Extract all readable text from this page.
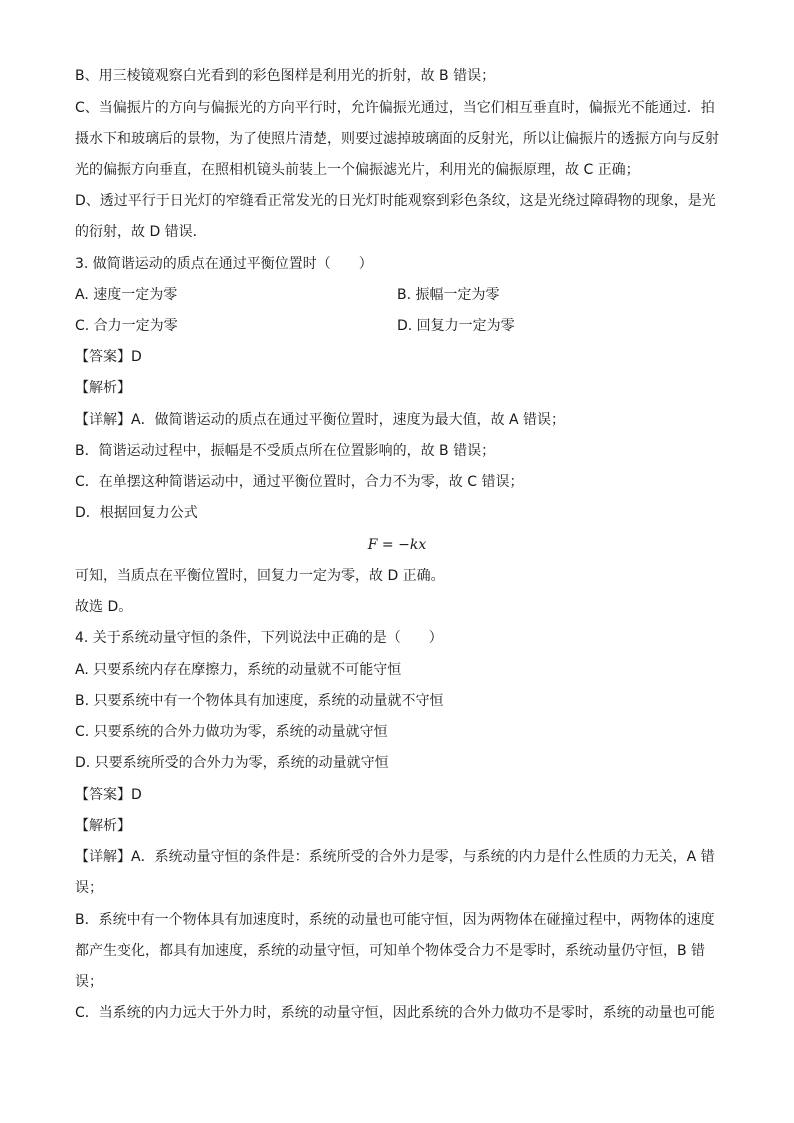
B、用三棱镜观察白光看到的彩色图样是利用光的折射，故 B 错误；
C、当偏振片的方向与偏振光的方向平行时，允许偏振光通过，当它们相互垂直时，偏振光不能通过．拍
摄水下和玻璃后的景物，为了使照片清楚，则要过滤掉玻璃面的反射光，所以让偏振片的透振方向与反射
光的偏振方向垂直，在照相机镜头前装上一个偏振滤光片，利用光的偏振原理，故 C 正确；
D、透过平行于日光灯的窄缝看正常发光的日光灯时能观察到彩色条纹，这是光绕过障碍物的现象，是光
的衍射，故 D 错误．
3. 做简谐运动的质点在通过平衡位置时（　　）
A. 速度一定为零	B. 振幅一定为零
C. 合力一定为零	D. 回复力一定为零
【答案】D
【解析】
【详解】A．做简谐运动的质点在通过平衡位置时，速度为最大值，故 A 错误；
B．简谐运动过程中，振幅是不受质点所在位置影响的，故 B 错误；
C．在单摆这种简谐运动中，通过平衡位置时，合力不为零，故 C 错误；
D．根据回复力公式
F = −kx
可知，当质点在平衡位置时，回复力一定为零，故 D 正确。
故选 D。
4. 关于系统动量守恒的条件，下列说法中正确的是（　　）
A. 只要系统内存在摩擦力，系统的动量就不可能守恒
B. 只要系统中有一个物体具有加速度，系统的动量就不守恒
C. 只要系统的合外力做功为零，系统的动量就守恒
D. 只要系统所受的合外力为零，系统的动量就守恒
【答案】D
【解析】
【详解】A．系统动量守恒的条件是：系统所受的合外力是零，与系统的内力是什么性质的力无关，A 错
误；
B．系统中有一个物体具有加速度时，系统的动量也可能守恒，因为两物体在碰撞过程中，两物体的速度
都产生变化，都具有加速度，系统的动量守恒，可知单个物体受合力不是零时，系统动量仍守恒，B 错
误；
C．当系统的内力远大于外力时，系统的动量守恒，因此系统的合外力做功不是零时，系统的动量也可能
